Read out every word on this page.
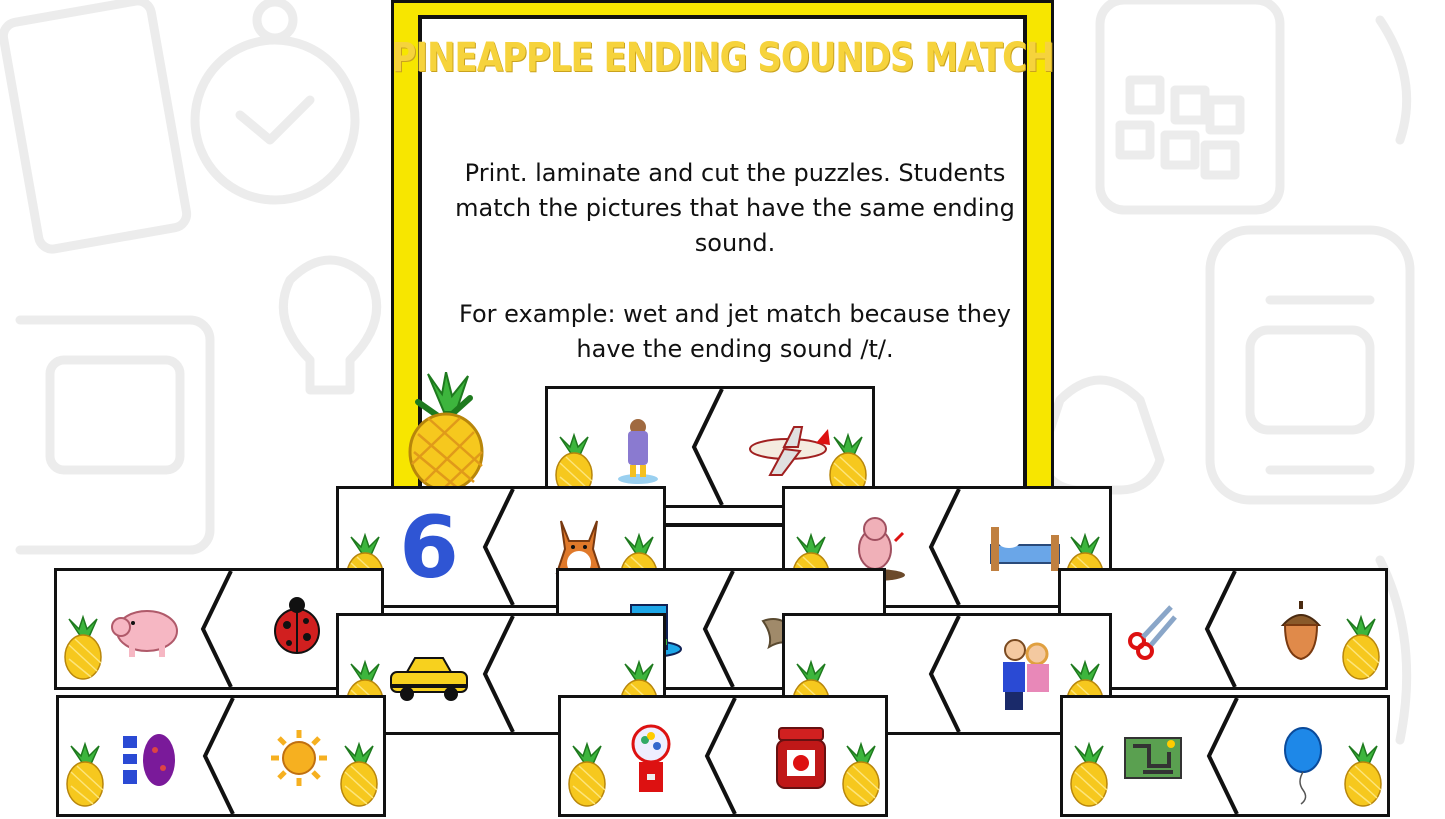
PINEAPPLE ENDING SOUNDS MATCH
Print. laminate and cut the puzzles. Students match the pictures that have the same ending sound.
For example: wet and jet match because they have the ending sound /t/.
6
